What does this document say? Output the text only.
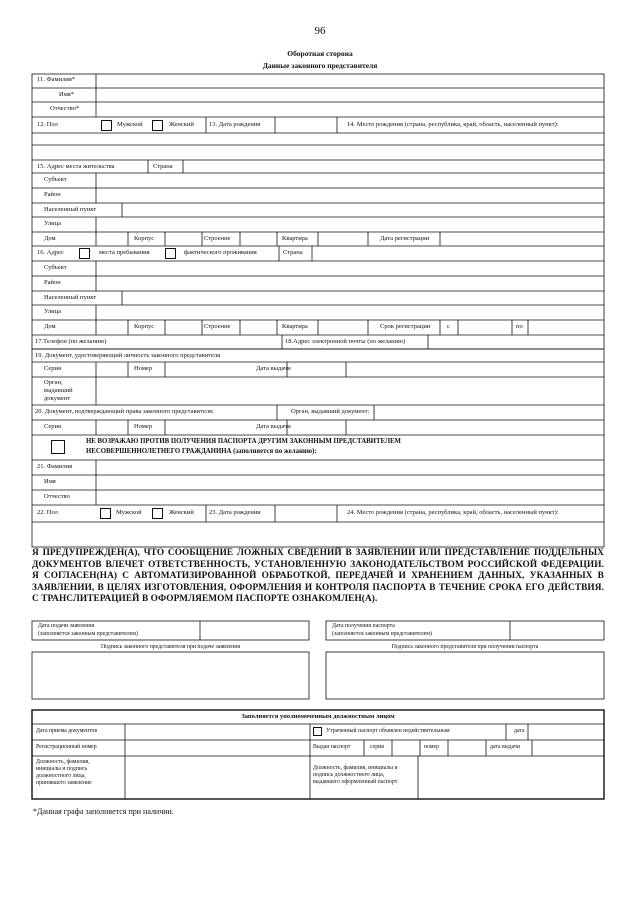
96
Оборотная сторона
Данные законного представителя
11. Фамилия*
Имя*
Отчество*
12. Пол	Мужской	Женский 13. Дата рождения	14. Место рождения (страна, республика, край, область, населенный пункт):
15. Адрес места жительства	Страна
Субъект
Район
Населенный пункт
Улица
Дом	Корпус	Строение	Квартира	Дата регистрации
16. Адрес	места пребывания	фактического проживания	Страна
Субъект
Район
Населенный пункт
Улица
Дом	Корпус	Строение	Квартира	Срок регистрации	с	по
17.Телефон (по желанию)	18.Адрес электронной почты (по желанию)
19. Документ, удостоверяющий личность законного представителя
Серия	Номер	Дата выдачи
Орган,
выдавший
документ
20. Документ, подтверждающий права законного представителя:	Орган, выдавший документ:
Серия	Номер	Дата выдачи
НЕ ВОЗРАЖАЮ ПРОТИВ ПОЛУЧЕНИЯ ПАСПОРТА ДРУГИМ ЗАКОННЫМ ПРЕДСТАВИТЕЛЕМ
НЕСОВЕРШЕННОЛЕТНЕГО ГРАЖДАНИНА (заполняется по желанию):
21. Фамилия
Имя
Отчество
22. Пол	Мужской	Женский 23. Дата рождения	24. Место рождения (страна, республика, край, область, населенный пункт):
Я ПРЕДУПРЕЖДЕН(А), ЧТО СООБЩЕНИЕ ЛОЖНЫХ СВЕДЕНИЙ В ЗАЯВЛЕНИИ ИЛИ ПРЕДСТАВЛЕНИЕ ПОДДЕЛЬНЫХ ДОКУМЕНТОВ ВЛЕЧЕТ ОТВЕТСТВЕННОСТЬ, УСТАНОВЛЕННУЮ ЗАКОНОДАТЕЛЬСТВОМ РОССИЙСКОЙ ФЕДЕРАЦИИ. Я СОГЛАСЕН(НА) С АВТОМАТИЗИРОВАННОЙ ОБРАБОТКОЙ, ПЕРЕДАЧЕЙ И ХРАНЕНИЕМ ДАННЫХ, УКАЗАННЫХ В ЗАЯВЛЕНИИ, В ЦЕЛЯХ ИЗГОТОВЛЕНИЯ, ОФОРМЛЕНИЯ И КОНТРОЛЯ ПАСПОРТА В ТЕЧЕНИЕ СРОКА ЕГО ДЕЙСТВИЯ. С ТРАНСЛИТЕРАЦИЕЙ В ОФОРМЛЯЕМОМ ПАСПОРТЕ ОЗНАКОМЛЕН(А).
Дата подачи заявления
(заполняется законным представителем)
Дата получения паспорта
(заполняется законным представителем)
Подпись законного представителя при подаче заявления	Подпись законного представителя при получении паспорта
Заполняется уполномоченным должностным лицом
Дата приема документов	Утраченный паспорт объявлен недействительным	дата
Регистрационный номер	Выдан паспорт	серия	номер	дата выдачи
Должность, фамилия,
инициалы и подпись
должностного лица,
принявшего заявление
Должность, фамилия, инициалы и
подпись должностного лица,
выдавшего оформленный паспорт
*Данная графа заполняется при наличии.
